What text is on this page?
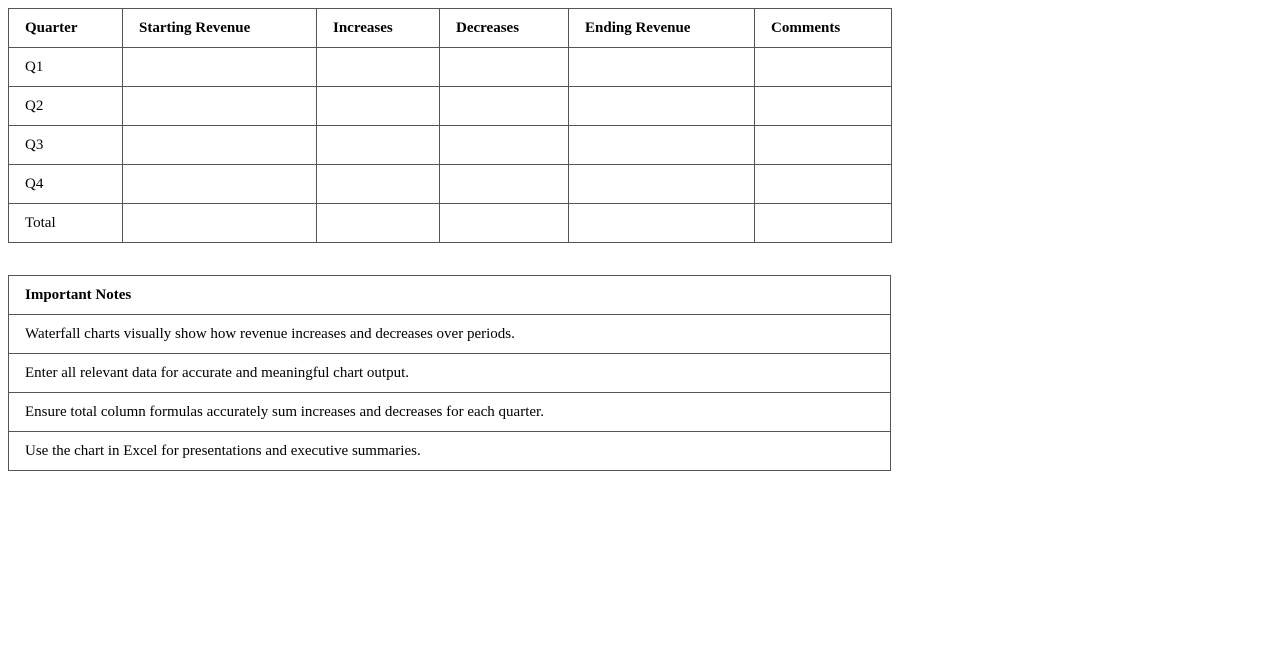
Quarter	Starting Revenue	Increases	Decreases	Ending Revenue	Comments
Q1					
Q2					
Q3					
Q4					
Total					
Important Notes
Waterfall charts visually show how revenue increases and decreases over periods.
Enter all relevant data for accurate and meaningful chart output.
Ensure total column formulas accurately sum increases and decreases for each quarter.
Use the chart in Excel for presentations and executive summaries.
